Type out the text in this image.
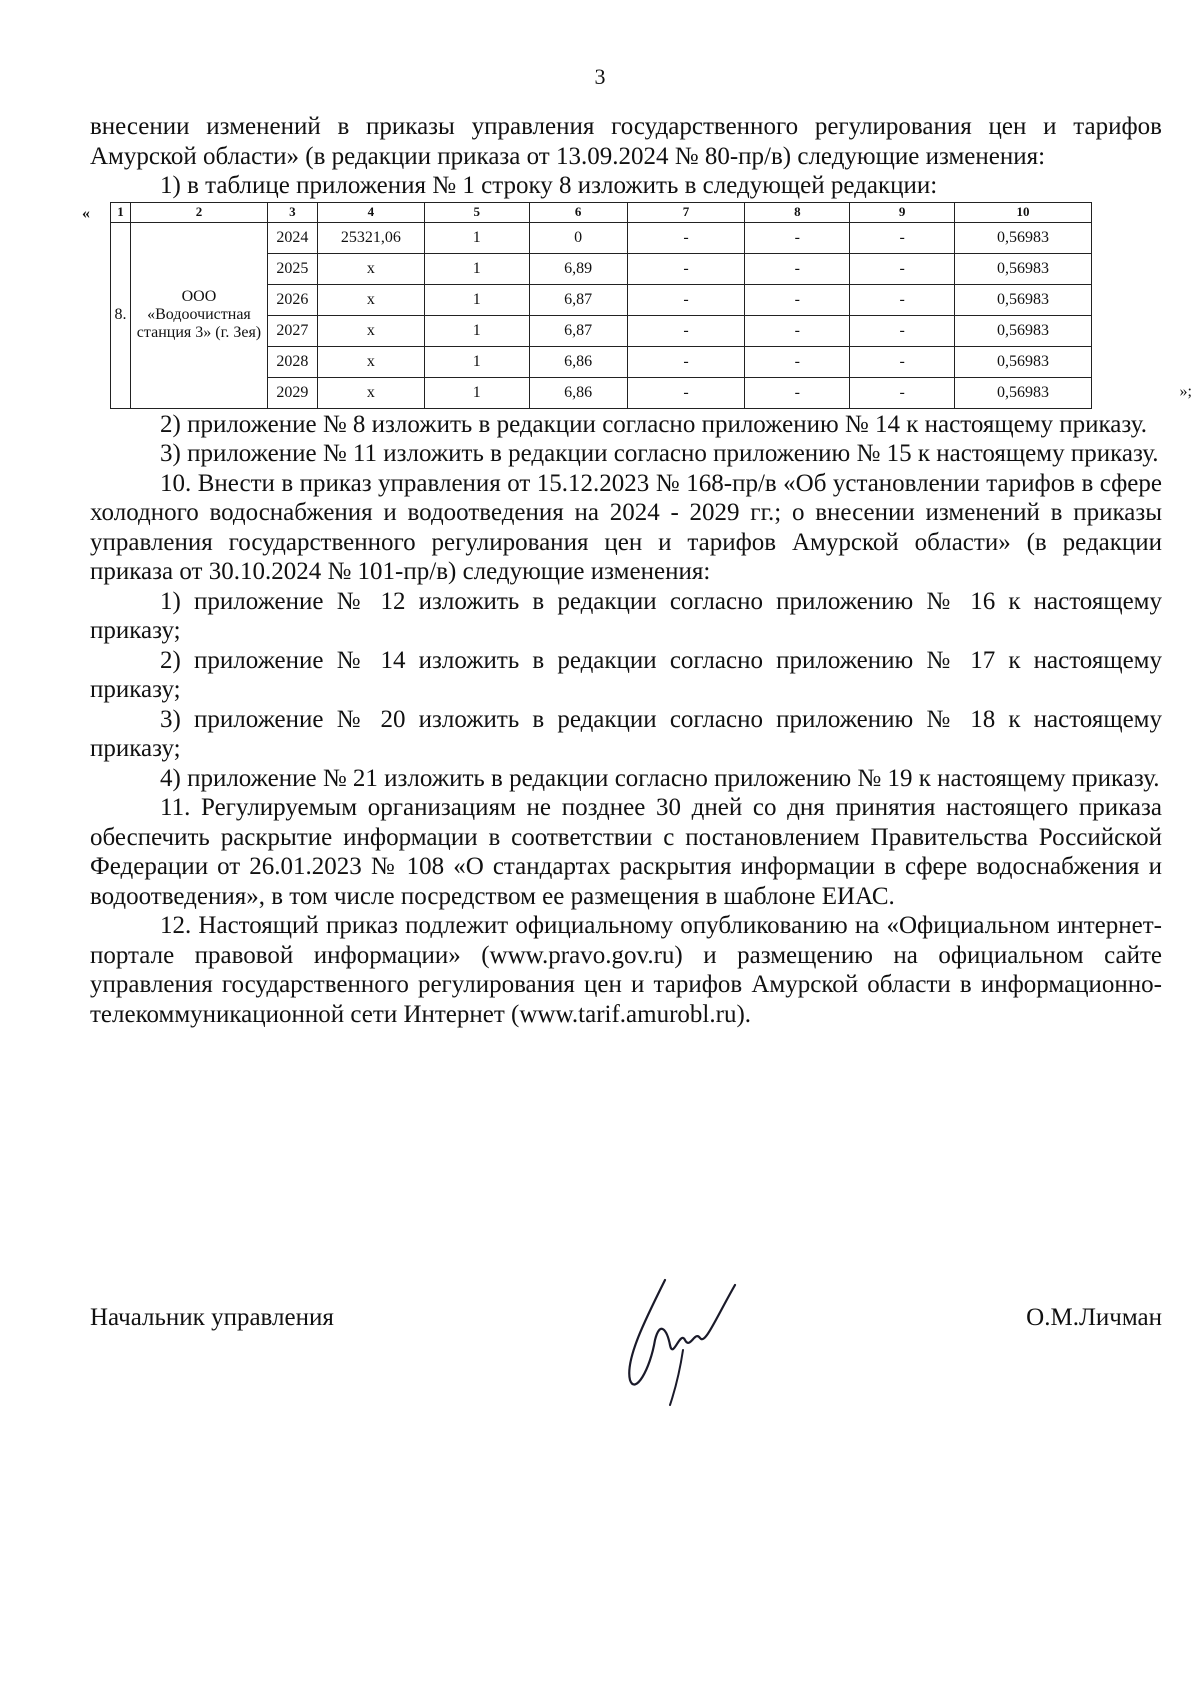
3

внесении изменений в приказы управления государственного регулирования цен и тарифов Амурской области» (в редакции приказа от 13.09.2024 № 80-пр/в) следующие изменения:

1) в таблице приложения № 1 строку 8 изложить в следующей редакции:

« 1	2	3	4	5	6	7	8	9	10
8.	ООО «Водоочистная станция 3» (г. Зея)	2024	25321,06	1	0	-	-	-	0,56983
		2025	х	1	6,89	-	-	-	0,56983
		2026	х	1	6,87	-	-	-	0,56983
		2027	х	1	6,87	-	-	-	0,56983
		2028	х	1	6,86	-	-	-	0,56983
		2029	х	1	6,86	-	-	-	0,56983	»;

2) приложение № 8 изложить в редакции согласно приложению № 14 к настоящему приказу.

3) приложение № 11 изложить в редакции согласно приложению № 15 к настоящему приказу.

10. Внести в приказ управления от 15.12.2023 № 168-пр/в «Об установлении тарифов в сфере холодного водоснабжения и водоотведения на 2024 - 2029 гг.; о внесении изменений в приказы управления государственного регулирования цен и тарифов Амурской области» (в редакции приказа от 30.10.2024 № 101-пр/в) следующие изменения:

1) приложение № 12 изложить в редакции согласно приложению № 16 к настоящему приказу;

2) приложение № 14 изложить в редакции согласно приложению № 17 к настоящему приказу;

3) приложение № 20 изложить в редакции согласно приложению № 18 к настоящему приказу;

4) приложение № 21 изложить в редакции согласно приложению № 19 к настоящему приказу.

11. Регулируемым организациям не позднее 30 дней со дня принятия настоящего приказа обеспечить раскрытие информации в соответствии с постановлением Правительства Российской Федерации от 26.01.2023 № 108 «О стандартах раскрытия информации в сфере водоснабжения и водоотведения», в том числе посредством ее размещения в шаблоне ЕИАС.

12. Настоящий приказ подлежит официальному опубликованию на «Официальном интернет-портале правовой информации» (www.pravo.gov.ru) и размещению на официальном сайте управления государственного регулирования цен и тарифов Амурской области в информационно-телекоммуникационной сети Интернет (www.tarif.amurobl.ru).

Начальник управления	О.М.Личман
